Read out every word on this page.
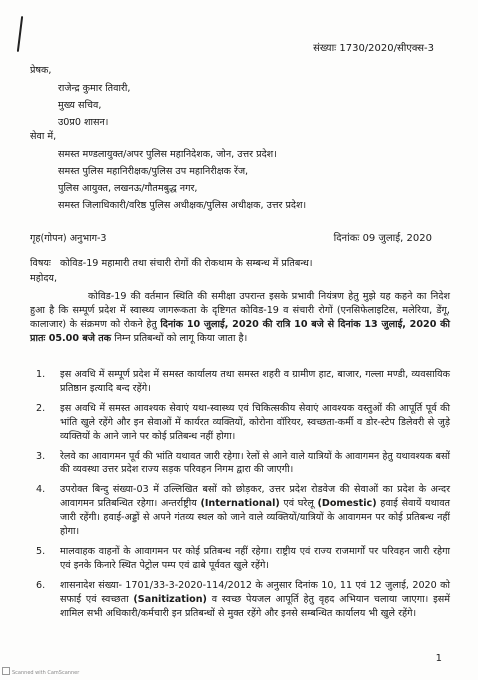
संख्याः 1730/2020/सीएक्स-3
प्रेषक,
राजेन्द्र कुमार तिवारी,
मुख्य सचिव,
उ0प्र0 शासन।
सेवा में,
समस्त मण्डलायुक्त/अपर पुलिस महानिदेशक, जोन, उत्तर प्रदेश।
समस्त पुलिस महानिरीक्षक/पुलिस उप महानिरीक्षक रेंज,
पुलिस आयुक्त, लखनऊ/गौतमबुद्ध नगर,
समस्त जिलाधिकारी/वरिष्ठ पुलिस अधीक्षक/पुलिस अधीक्षक, उत्तर प्रदेश।
गृह(गोपन) अनुभाग-3	दिनांकः 09 जुलाई, 2020
विषयः कोविड-19 महामारी तथा संचारी रोगों की रोकथाम के सम्बन्ध में प्रतिबन्ध।
महोदय,
कोविड-19 की वर्तमान स्थिति की समीक्षा उपरान्त इसके प्रभावी नियंत्रण हेतु मुझे यह कहने का निदेश हुआ है कि सम्पूर्ण प्रदेश में स्वास्थ्य जागरूकता के दृष्टिगत कोविड-19 व संचारी रोगों (एनसिफेलाइटिस, मलेरिया, डेंगू, कालाजार) के संक्रमण को रोकने हेतु दिनांक 10 जुलाई, 2020 की रात्रि 10 बजे से दिनांक 13 जुलाई, 2020 की प्रातः 05.00 बजे तक निम्न प्रतिबन्धों को लागू किया जाता है।
1.	इस अवधि में सम्पूर्ण प्रदेश में समस्त कार्यालय तथा समस्त शहरी व ग्रामीण हाट, बाजार, गल्ला मण्डी, व्यवसायिक प्रतिष्ठान इत्यादि बन्द रहेंगे।
2.	इस अवधि में समस्त आवश्यक सेवाएं यथा-स्वास्थ्य एवं चिकित्सकीय सेवाएं आवश्यक वस्तुओं की आपूर्ति पूर्व की भांति खुले रहेंगे और इन सेवाओं में कार्यरत व्यक्तियों, कोरोना वॉरियर, स्वच्छता-कर्मी व डोर-स्टेप डिलेवरी से जुड़े व्यक्तियों के आने जाने पर कोई प्रतिबन्ध नहीं होगा।
3.	रेलवे का आवागमन पूर्व की भांति यथावत जारी रहेगा। रेलों से आने वाले यात्रियों के आवागमन हेतु यथावश्यक बसों की व्यवस्था उत्तर प्रदेश राज्य सड़क परिवहन निगम द्वारा की जाएगी।
4.	उपरोक्त बिन्दु संख्या-03 में उल्लिखित बसों को छोड़कर, उत्तर प्रदेश रोडवेज की सेवाओं का प्रदेश के अन्दर आवागमन प्रतिबन्धित रहेगा। अन्तर्राष्ट्रीय (International) एवं घरेलू (Domestic) हवाई सेवायें यथावत जारी रहेंगी। हवाई-अड्डों से अपने गंतव्य स्थल को जाने वाले व्यक्तियों/यात्रियों के आवागमन पर कोई प्रतिबन्ध नहीं होगा।
5.	मालवाहक वाहनों के आवागमन पर कोई प्रतिबन्ध नहीं रहेगा। राष्ट्रीय एवं राज्य राजमार्गों पर परिवहन जारी रहेगा एवं इनके किनारे स्थित पेट्रोल पम्प एवं ढाबे पूर्ववत खुले रहेंगे।
6.	शासनादेश संख्या- 1701/33-3-2020-114/2012 के अनुसार दिनांक 10, 11 एवं 12 जुलाई, 2020 को सफाई एवं स्वच्छता (Sanitization) व स्वच्छ पेयजल आपूर्ति हेतु वृहद अभियान चलाया जाएगा। इसमें शामिल सभी अधिकारी/कर्मचारी इन प्रतिबन्धों से मुक्त रहेंगे और इनसे सम्बन्धित कार्यालय भी खुले रहेंगे।
1
Scanned with CamScanner
